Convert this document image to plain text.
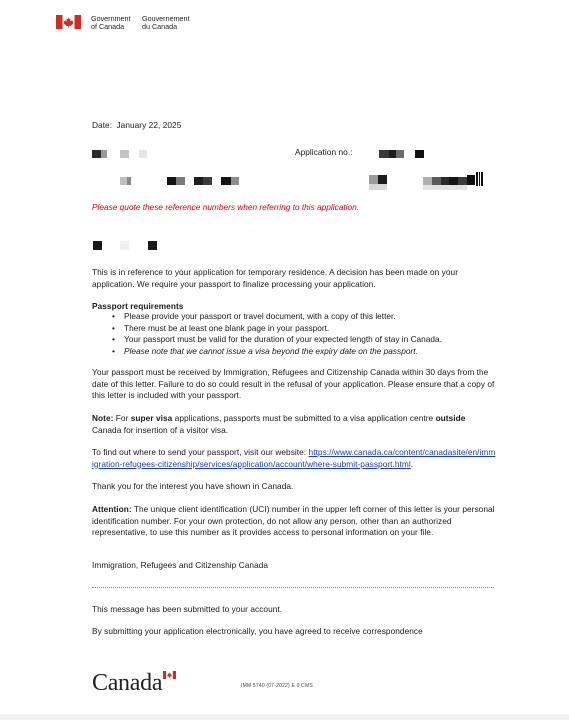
Government
of Canada
Gouvernement
du Canada
Date: January 22, 2025
Application no.:
Please quote these reference numbers when referring to this application.
This is in reference to your application for temporary residence. A decision has been made on your application. We require your passport to finalize processing your application.
Passport requirements
• Please provide your passport or travel document, with a copy of this letter.
• There must be at least one blank page in your passport.
• Your passport must be valid for the duration of your expected length of stay in Canada.
• Please note that we cannot issue a visa beyond the expiry date on the passport.
Your passport must be received by Immigration, Refugees and Citizenship Canada within 30 days from the date of this letter. Failure to do so could result in the refusal of your application. Please ensure that a copy of this letter is included with your passport.
Note: For super visa applications, passports must be submitted to a visa application centre outside Canada for insertion of a visitor visa.
To find out where to send your passport, visit our website: https://www.canada.ca/content/canadasite/en/immigration-refugees-citizenship/services/application/account/where-submit-passport.html.
Thank you for the interest you have shown in Canada.
Attention: The unique client identification (UCI) number in the upper left corner of this letter is your personal identification number. For your own protection, do not allow any person, other than an authorized representative, to use this number as it provides access to personal information on your file.
Immigration, Refugees and Citizenship Canada
This message has been submitted to your account.
By submitting your application electronically, you have agreed to receive correspondence
Canada	IMM 5740 (07-2022) E 0 CMS
